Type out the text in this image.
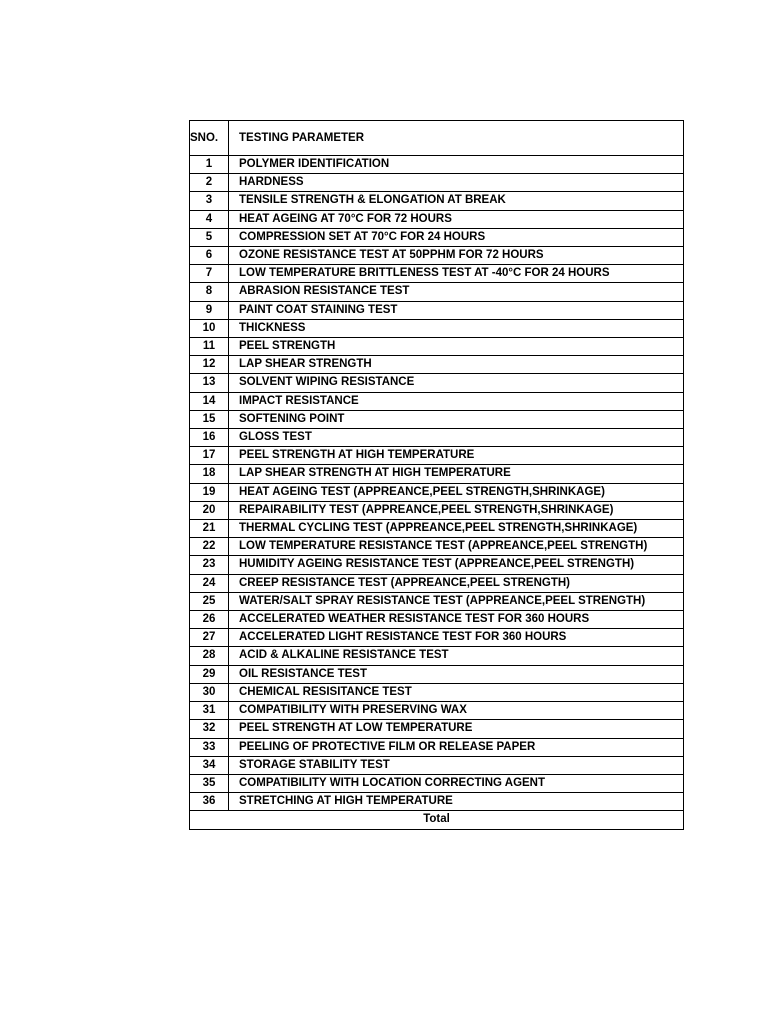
SNO.	TESTING PARAMETER
1	POLYMER IDENTIFICATION
2	HARDNESS
3	TENSILE STRENGTH & ELONGATION AT BREAK
4	HEAT AGEING AT 70°C FOR 72 HOURS
5	COMPRESSION SET AT 70°C FOR 24 HOURS
6	OZONE RESISTANCE TEST AT 50PPHM FOR 72 HOURS
7	LOW TEMPERATURE BRITTLENESS TEST AT -40°C FOR 24 HOURS
8	ABRASION RESISTANCE TEST
9	PAINT COAT STAINING TEST
10	THICKNESS
11	PEEL STRENGTH
12	LAP SHEAR STRENGTH
13	SOLVENT WIPING RESISTANCE
14	IMPACT RESISTANCE
15	SOFTENING POINT
16	GLOSS TEST
17	PEEL STRENGTH AT HIGH TEMPERATURE
18	LAP SHEAR STRENGTH AT HIGH TEMPERATURE
19	HEAT AGEING TEST (APPREANCE,PEEL STRENGTH,SHRINKAGE)
20	REPAIRABILITY TEST (APPREANCE,PEEL STRENGTH,SHRINKAGE)
21	THERMAL CYCLING TEST (APPREANCE,PEEL STRENGTH,SHRINKAGE)
22	LOW TEMPERATURE RESISTANCE TEST (APPREANCE,PEEL STRENGTH)
23	HUMIDITY AGEING RESISTANCE TEST (APPREANCE,PEEL STRENGTH)
24	CREEP RESISTANCE TEST (APPREANCE,PEEL STRENGTH)
25	WATER/SALT SPRAY RESISTANCE TEST (APPREANCE,PEEL STRENGTH)
26	ACCELERATED WEATHER RESISTANCE TEST FOR 360 HOURS
27	ACCELERATED LIGHT RESISTANCE TEST FOR 360 HOURS
28	ACID & ALKALINE RESISTANCE TEST
29	OIL RESISTANCE TEST
30	CHEMICAL RESISITANCE TEST
31	COMPATIBILITY WITH PRESERVING WAX
32	PEEL STRENGTH AT LOW TEMPERATURE
33	PEELING OF PROTECTIVE FILM OR RELEASE PAPER
34	STORAGE STABILITY TEST
35	COMPATIBILITY WITH LOCATION CORRECTING AGENT
36	STRETCHING AT HIGH TEMPERATURE
Total	
